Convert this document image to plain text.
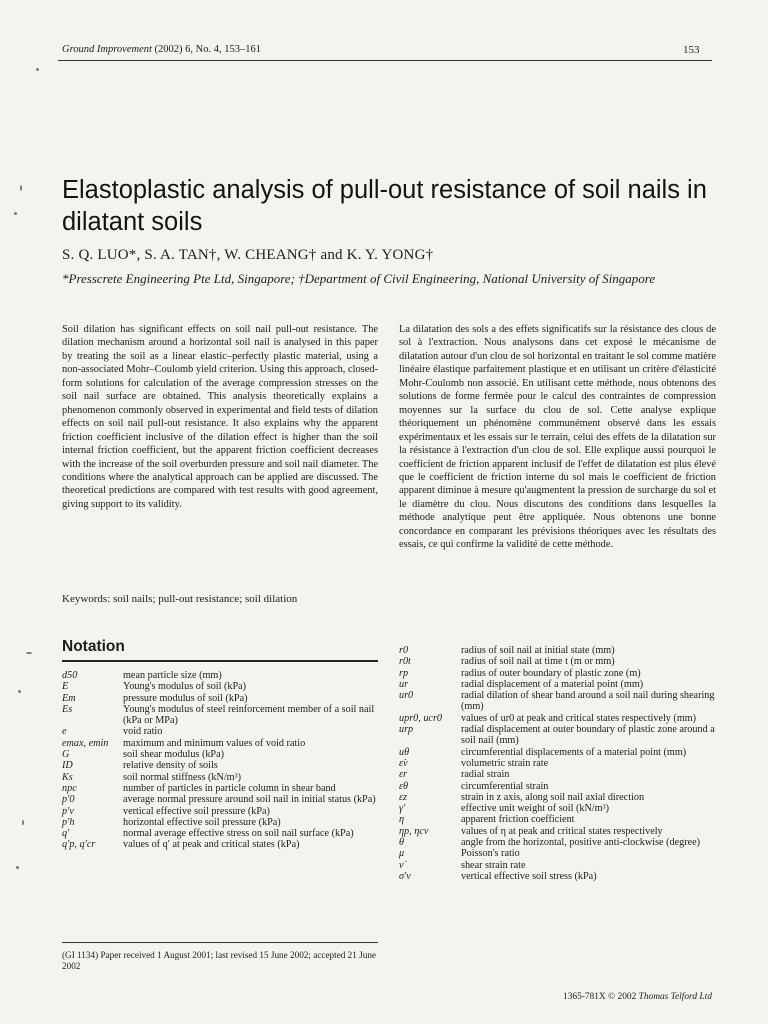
Ground Improvement (2002) 6, No. 4, 153–161	153
Elastoplastic analysis of pull-out resistance of soil nails in dilatant soils
S. Q. LUO*, S. A. TAN†, W. CHEANG† and K. Y. YONG†
*Presscrete Engineering Pte Ltd, Singapore; †Department of Civil Engineering, National University of Singapore
Soil dilation has significant effects on soil nail pull-out resistance. The dilation mechanism around a horizontal soil nail is analysed in this paper by treating the soil as a linear elastic–perfectly plastic material, using a non-associated Mohr–Coulomb yield criterion. Using this approach, closed-form solutions for calculation of the average compression stresses on the soil nail surface are obtained. This analysis theoretically explains a phenomenon commonly observed in experimental and field tests of dilation effects on soil nail pull-out resistance. It also explains why the apparent friction coefficient inclusive of the dilation effect is higher than the soil internal friction coefficient, but the apparent friction coefficient decreases with the increase of the soil overburden pressure and soil nail diameter. The conditions where the analytical approach can be applied are discussed. The theoretical predictions are compared with test results with good agreement, giving support to its validity.
La dilatation des sols a des effets significatifs sur la résistance des clous de sol à l'extraction. Nous analysons dans cet exposé le mécanisme de dilatation autour d'un clou de sol horizontal en traitant le sol comme matière linéaire élastique parfaitement plastique et en utilisant un critère d'élasticité Mohr-Coulomb non associé. En utilisant cette méthode, nous obtenons des solutions de forme fermée pour le calcul des contraintes de compression moyennes sur la surface du clou de sol. Cette analyse explique théoriquement un phénomène communément observé dans les essais expérimentaux et les essais sur le terrain, celui des effets de la dilatation sur la résistance à l'extraction d'un clou de sol. Elle explique aussi pourquoi le coefficient de friction apparent inclusif de l'effet de dilatation est plus élevé que le coefficient de friction interne du sol mais le coefficient de friction apparent diminue à mesure qu'augmentent la pression de surcharge du sol et le diamètre du clou. Nous discutons des conditions dans lesquelles la méthode analytique peut être appliquée. Nous obtenons une bonne concordance en comparant les prévisions théoriques avec les résultats des essais, ce qui confirme la validité de cette méthode.
Keywords: soil nails; pull-out resistance; soil dilation
Notation
d50	mean particle size (mm)
E	Young's modulus of soil (kPa)
Em	pressure modulus of soil (kPa)
Es	Young's modulus of steel reinforcement member of a soil nail (kPa or MPa)
e	void ratio
emax, emin	maximum and minimum values of void ratio
G	soil shear modulus (kPa)
ID	relative density of soils
Ks	soil normal stiffness (kN/m³)
npc	number of particles in particle column in shear band
p′0	average normal pressure around soil nail in initial status (kPa)
p′v	vertical effective soil pressure (kPa)
p′h	horizontal effective soil pressure (kPa)
q′	normal average effective stress on soil nail surface (kPa)
q′p, q′cr	values of q′ at peak and critical states (kPa)
r0	radius of soil nail at initial state (mm)
r0t	radius of soil nail at time t (m or mm)
rp	radius of outer boundary of plastic zone (m)
ur	radial displacement of a material point (mm)
ur0	radial dilation of shear band around a soil nail during shearing (mm)
upr0, ucr0	values of ur0 at peak and critical states respectively (mm)
urp	radial displacement at outer boundary of plastic zone around a soil nail (mm)
uθ	circumferential displacements of a material point (mm)
ε̇v	volumetric strain rate
εr	radial strain
εθ	circumferential strain
εz	strain in z axis, along soil nail axial direction
γ′	effective unit weight of soil (kN/m³)
η	apparent friction coefficient
ηp, ηcv	values of η at peak and critical states respectively
θ	angle from the horizontal, positive anti-clockwise (degree)
μ	Poisson's ratio
ν̇	shear strain rate
σ′v	vertical effective soil stress (kPa)
(GI 1134) Paper received 1 August 2001; last revised 15 June 2002; accepted 21 June 2002
1365-781X © 2002 Thomas Telford Ltd
